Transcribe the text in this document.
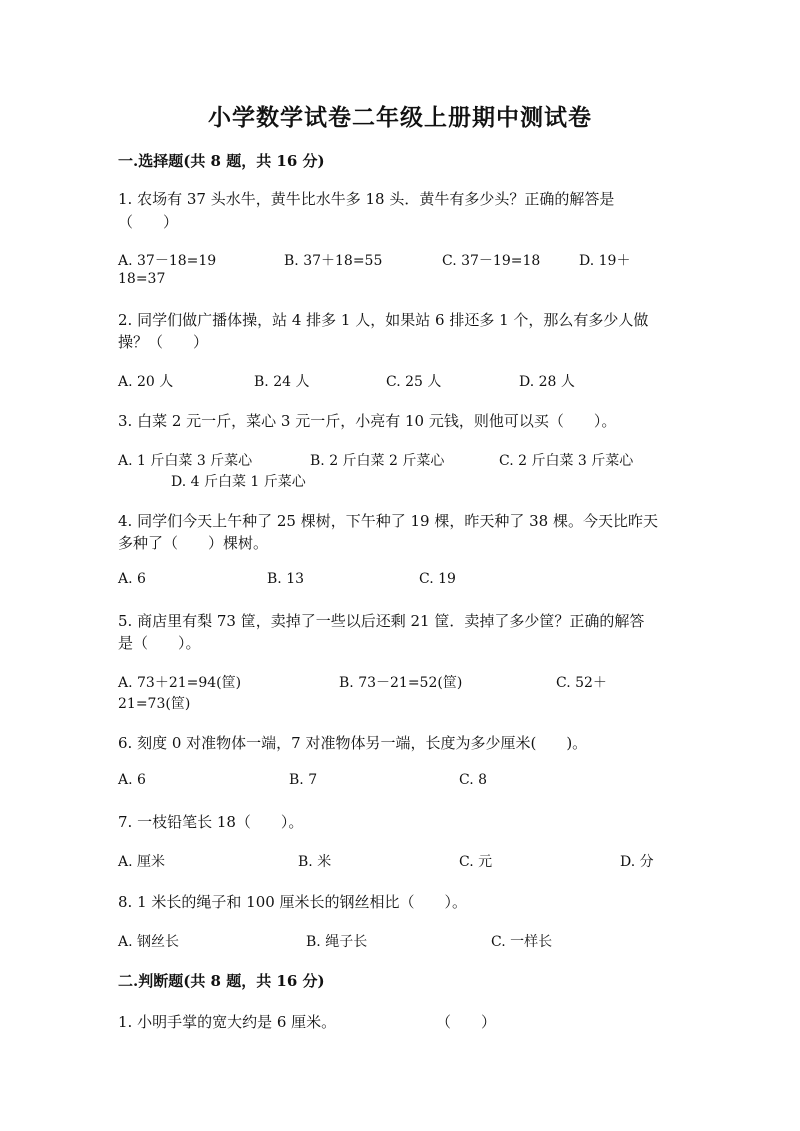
小学数学试卷二年级上册期中测试卷
一.选择题(共 8 题，共 16 分)
1. 农场有 37 头水牛，黄牛比水牛多 18 头．黄牛有多少头？正确的解答是
（　　）
A. 37－18=19	B. 37＋18=55	C. 37－19=18	D. 19＋
18=37
2. 同学们做广播体操，站 4 排多 1 人，如果站 6 排还多 1 个，那么有多少人做
操？（　　）
A. 20 人	B. 24 人	C. 25 人	D. 28 人
3. 白菜 2 元一斤，菜心 3 元一斤，小亮有 10 元钱，则他可以买（　　）。
A. 1 斤白菜 3 斤菜心	B. 2 斤白菜 2 斤菜心	C. 2 斤白菜 3 斤菜心
D. 4 斤白菜 1 斤菜心
4. 同学们今天上午种了 25 棵树，下午种了 19 棵，昨天种了 38 棵。今天比昨天
多种了（　　）棵树。
A. 6	B. 13	C. 19
5. 商店里有梨 73 筐，卖掉了一些以后还剩 21 筐．卖掉了多少筐？正确的解答
是（　　）。
A. 73＋21=94(筐)	B. 73－21=52(筐)	C. 52＋
21=73(筐)
6. 刻度 0 对准物体一端，7 对准物体另一端，长度为多少厘米(　　)。
A. 6	B. 7	C. 8
7. 一枝铅笔长 18（　　）。
A. 厘米	B. 米	C. 元	D. 分
8. 1 米长的绳子和 100 厘米长的钢丝相比（　　）。
A. 钢丝长	B. 绳子长	C. 一样长
二.判断题(共 8 题，共 16 分)
1. 小明手掌的宽大约是 6 厘米。	（　　）
